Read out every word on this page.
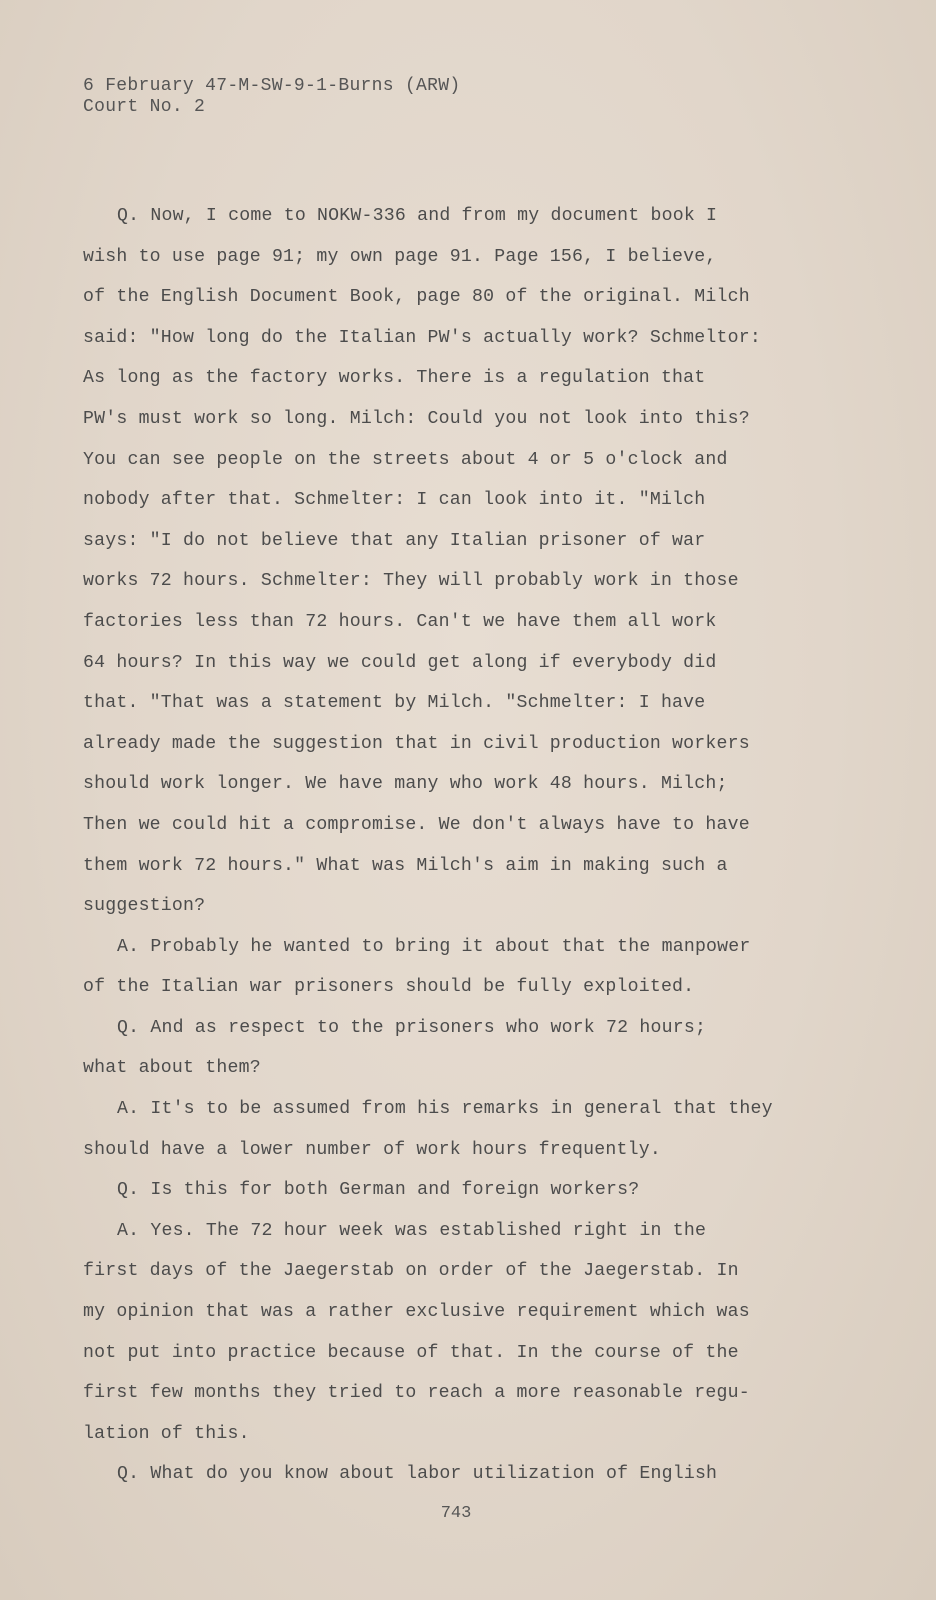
6 February 47-M-SW-9-1-Burns (ARW)
Court No. 2
Q. Now, I come to NOKW-336 and from my document book I
wish to use page 91; my own page 91. Page 156, I believe,
of the English Document Book, page 80 of the original. Milch
said: "How long do the Italian PW's actually work? Schmeltor:
As long as the factory works. There is a regulation that
PW's must work so long. Milch: Could you not look into this?
You can see people on the streets about 4 or 5 o'clock and
nobody after that. Schmelter: I can look into it. "Milch
says: "I do not believe that any Italian prisoner of war
works 72 hours. Schmelter: They will probably work in those
factories less than 72 hours. Can't we have them all work
64 hours? In this way we could get along if everybody did
that. "That was a statement by Milch. "Schmelter: I have
already made the suggestion that in civil production workers
should work longer. We have many who work 48 hours. Milch;
Then we could hit a compromise. We don't always have to have
them work 72 hours." What was Milch's aim in making such a
suggestion?
A. Probably he wanted to bring it about that the manpower
of the Italian war prisoners should be fully exploited.
Q. And as respect to the prisoners who work 72 hours;
what about them?
A. It's to be assumed from his remarks in general that they
should have a lower number of work hours frequently.
Q. Is this for both German and foreign workers?
A. Yes. The 72 hour week was established right in the
first days of the Jaegerstab on order of the Jaegerstab. In
my opinion that was a rather exclusive requirement which was
not put into practice because of that. In the course of the
first few months they tried to reach a more reasonable regu-
lation of this.
Q. What do you know about labor utilization of English
743
